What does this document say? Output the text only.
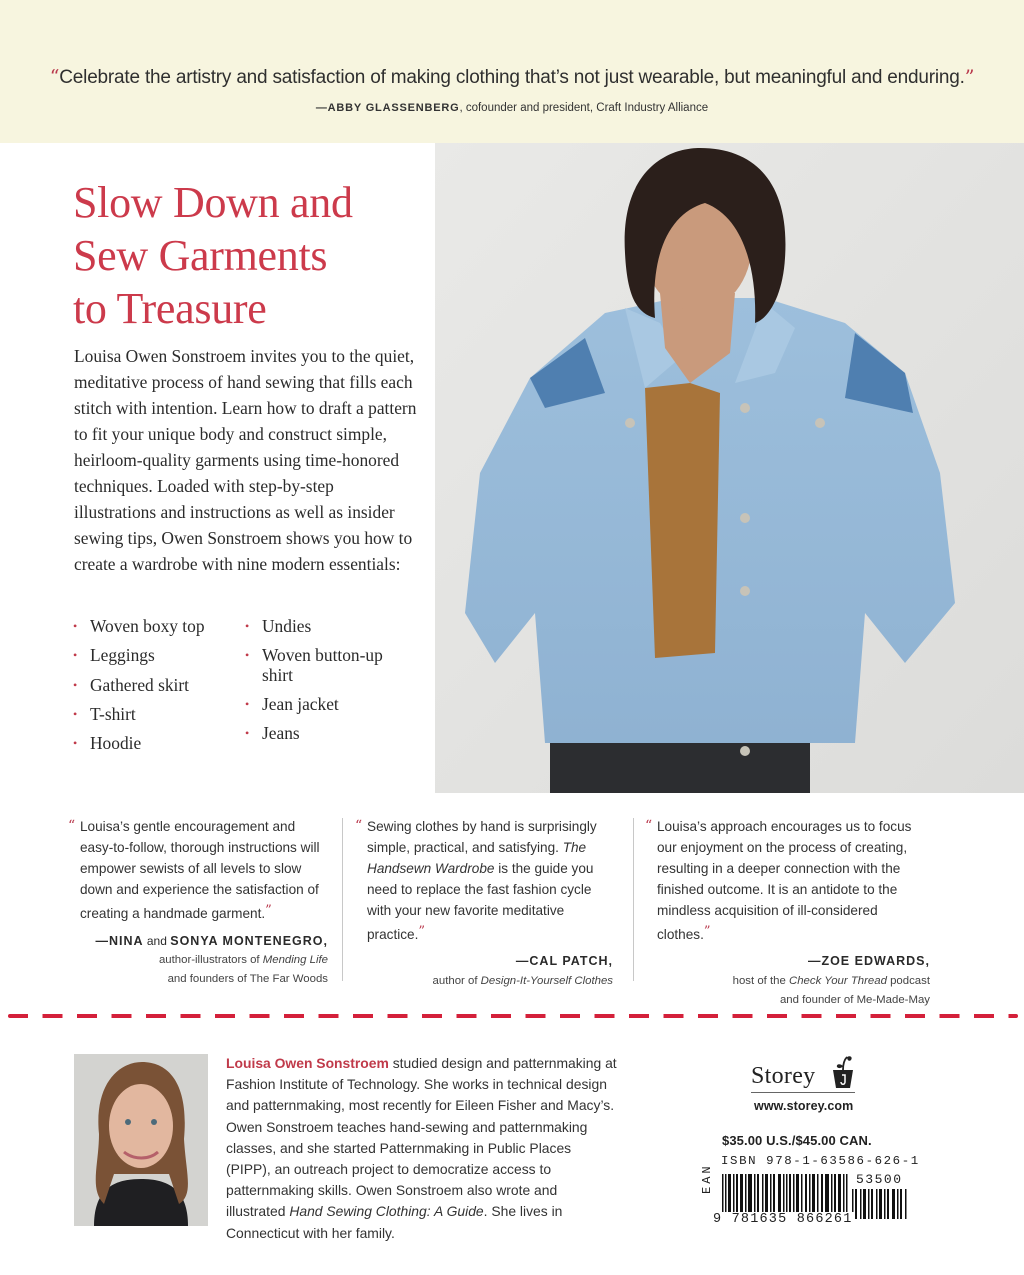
“Celebrate the artistry and satisfaction of making clothing that’s not just wearable, but meaningful and enduring.”
—ABBY GLASSENBERG, cofounder and president, Craft Industry Alliance
Slow Down and
Sew Garments
to Treasure

Louisa Owen Sonstroem invites you to the quiet, meditative process of hand sewing that fills each stitch with intention. Learn how to draft a pattern to fit your unique body and construct simple, heirloom-quality garments using time-honored techniques. Loaded with step-by-step illustrations and instructions as well as insider sewing tips, Owen Sonstroem shows you how to create a wardrobe with nine modern essentials:

• Woven boxy top
• Leggings
• Gathered skirt
• T-shirt
• Hoodie
• Undies
• Woven button-up shirt
• Jean jacket
• Jeans
“ Louisa’s gentle encouragement and easy-to-follow, thorough instructions will empower sewists of all levels to slow down and experience the satisfaction of creating a handmade garment.”
—NINA and SONYA MONTENEGRO,
author-illustrators of Mending Life
and founders of The Far Woods
“ Sewing clothes by hand is surprisingly simple, practical, and satisfying. The Handsewn Wardrobe is the guide you need to replace the fast fashion cycle with your new favorite meditative practice.”
—CAL PATCH,
author of Design-It-Yourself Clothes
“ Louisa’s approach encourages us to focus our enjoyment on the process of creating, resulting in a deeper connection with the finished outcome. It is an antidote to the mindless acquisition of ill-considered clothes.”
—ZOE EDWARDS,
host of the Check Your Thread podcast
and founder of Me-Made-May

Louisa Owen Sonstroem studied design and patternmaking at Fashion Institute of Technology. She works in technical design and patternmaking, most recently for Eileen Fisher and Macy’s. Owen Sonstroem teaches hand-sewing and patternmaking classes, and she started Patternmaking in Public Places (PIPP), an outreach project to democratize access to patternmaking skills. Owen Sonstroem also wrote and illustrated Hand Sewing Clothing: A Guide. She lives in Connecticut with her family.

Storey
www.storey.com
$35.00 U.S./$45.00 CAN.
ISBN 978-1-63586-626-1
EAN	53500
9 781635 866261
